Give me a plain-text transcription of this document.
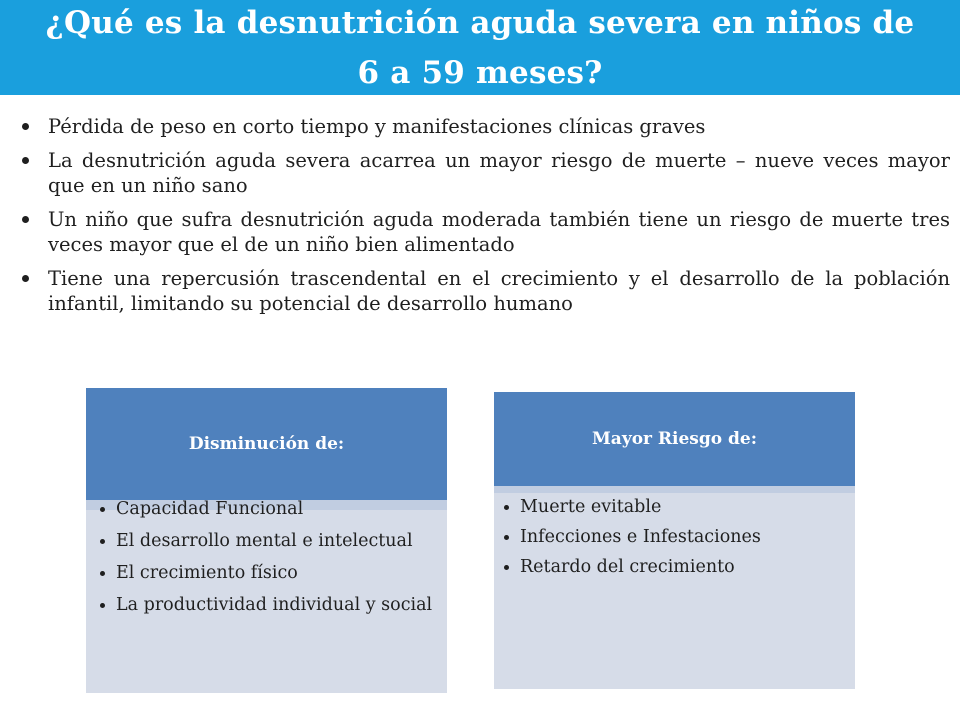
¿Qué es la desnutrición aguda severa en niños de 6 a 59 meses?
Pérdida de peso en corto tiempo y manifestaciones clínicas graves
La desnutrición aguda severa acarrea un mayor riesgo de muerte – nueve veces mayor que en un niño sano
Un niño que sufra desnutrición aguda moderada también tiene un riesgo de muerte tres veces mayor que el de un niño bien alimentado
Tiene una repercusión trascendental en el crecimiento y el desarrollo de la población infantil, limitando su potencial de desarrollo humano
Disminución de:
Capacidad Funcional
El desarrollo mental e intelectual
El crecimiento físico
La productividad individual y social
Mayor Riesgo de:
Muerte evitable
Infecciones e Infestaciones
Retardo del crecimiento
